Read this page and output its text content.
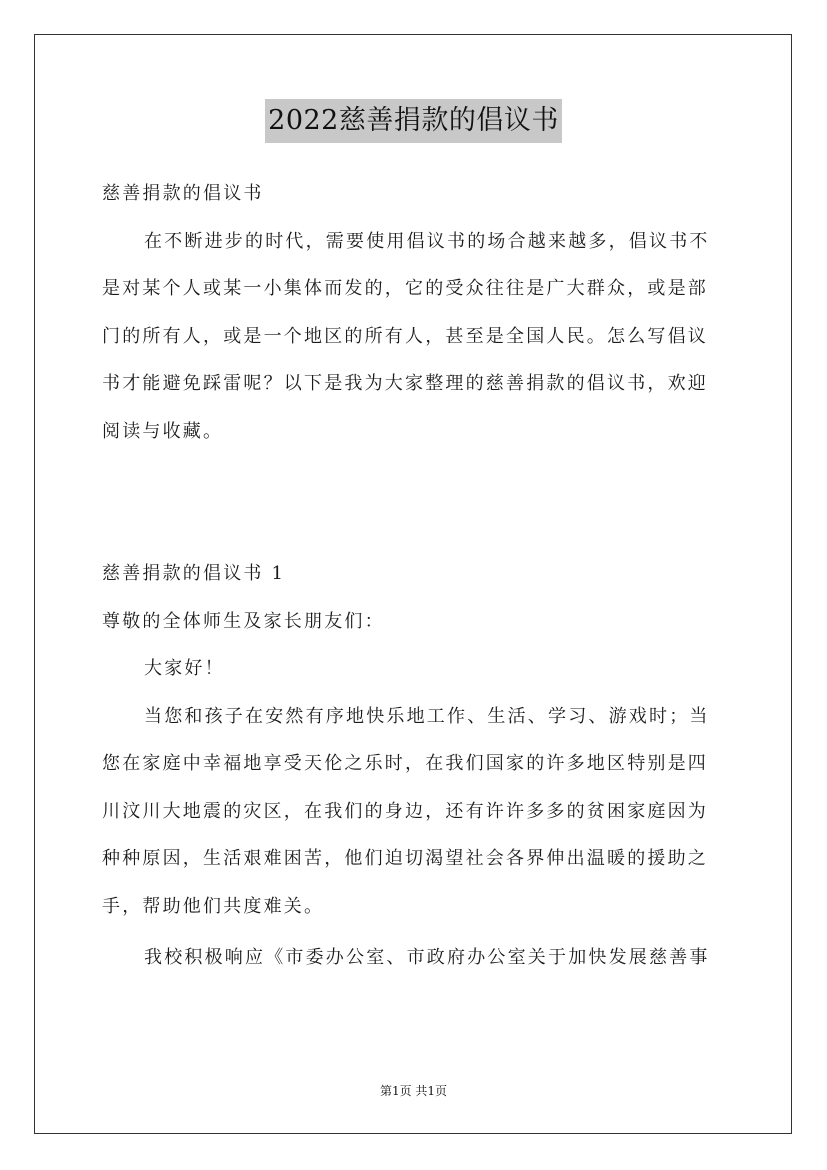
2022慈善捐款的倡议书
慈善捐款的倡议书
在不断进步的时代，需要使用倡议书的场合越来越多，倡议书不
是对某个人或某一小集体而发的，它的受众往往是广大群众，或是部
门的所有人，或是一个地区的所有人，甚至是全国人民。怎么写倡议
书才能避免踩雷呢？以下是我为大家整理的慈善捐款的倡议书，欢迎
阅读与收藏。
慈善捐款的倡议书 1
尊敬的全体师生及家长朋友们：
大家好！
当您和孩子在安然有序地快乐地工作、生活、学习、游戏时；当
您在家庭中幸福地享受天伦之乐时，在我们国家的许多地区特别是四
川汶川大地震的灾区，在我们的身边，还有许许多多的贫困家庭因为
种种原因，生活艰难困苦，他们迫切渴望社会各界伸出温暖的援助之
手，帮助他们共度难关。
我校积极响应《市委办公室、市政府办公室关于加快发展慈善事
第1页 共1页
